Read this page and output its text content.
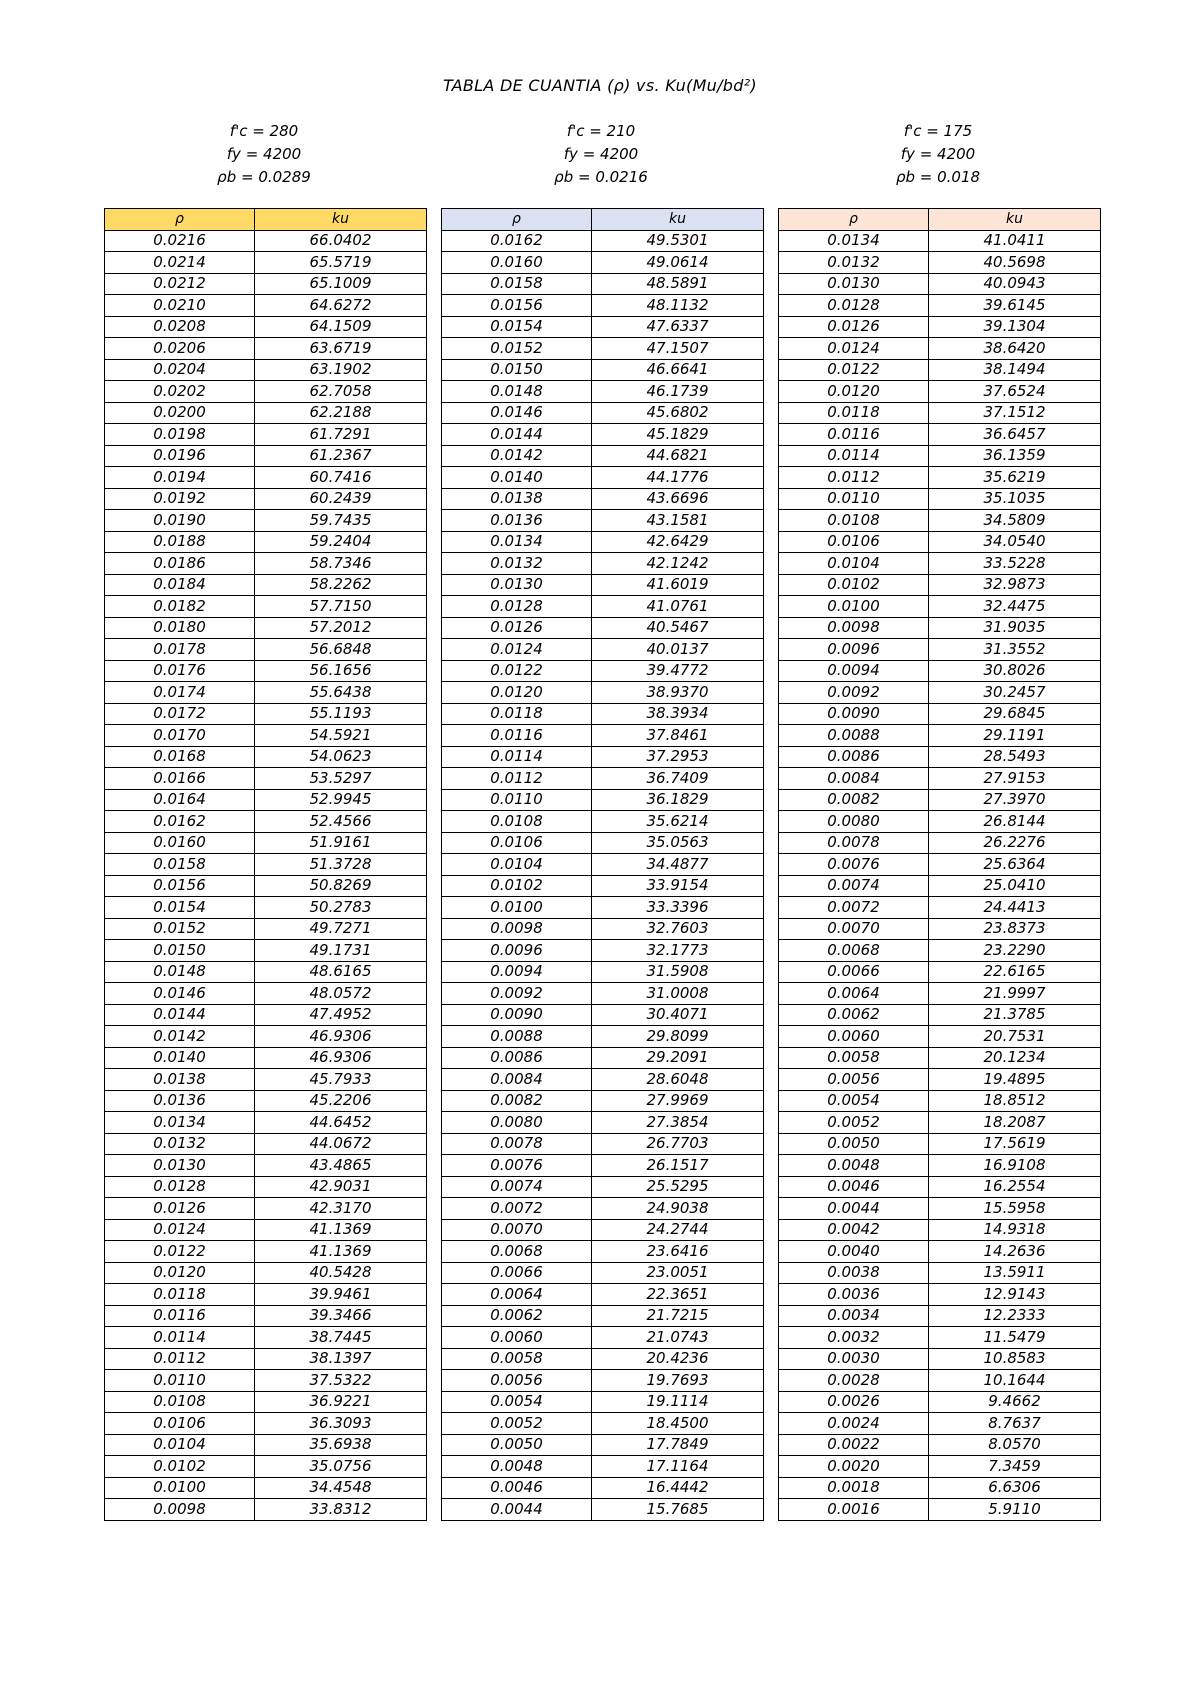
TABLA DE CUANTIA (ρ) vs. Ku(Mu/bd²)
f'c = 280
fy = 4200
ρb = 0.0289
f'c = 210
fy = 4200
ρb = 0.0216
f'c = 175
fy = 4200
ρb = 0.018
ρ	ku
0.0216	66.0402
0.0214	65.5719
0.0212	65.1009
0.0210	64.6272
0.0208	64.1509
0.0206	63.6719
0.0204	63.1902
0.0202	62.7058
0.0200	62.2188
0.0198	61.7291
0.0196	61.2367
0.0194	60.7416
0.0192	60.2439
0.0190	59.7435
0.0188	59.2404
0.0186	58.7346
0.0184	58.2262
0.0182	57.7150
0.0180	57.2012
0.0178	56.6848
0.0176	56.1656
0.0174	55.6438
0.0172	55.1193
0.0170	54.5921
0.0168	54.0623
0.0166	53.5297
0.0164	52.9945
0.0162	52.4566
0.0160	51.9161
0.0158	51.3728
0.0156	50.8269
0.0154	50.2783
0.0152	49.7271
0.0150	49.1731
0.0148	48.6165
0.0146	48.0572
0.0144	47.4952
0.0142	46.9306
0.0140	46.9306
0.0138	45.7933
0.0136	45.2206
0.0134	44.6452
0.0132	44.0672
0.0130	43.4865
0.0128	42.9031
0.0126	42.3170
0.0124	41.1369
0.0122	41.1369
0.0120	40.5428
0.0118	39.9461
0.0116	39.3466
0.0114	38.7445
0.0112	38.1397
0.0110	37.5322
0.0108	36.9221
0.0106	36.3093
0.0104	35.6938
0.0102	35.0756
0.0100	34.4548
0.0098	33.8312
ρ	ku
0.0162	49.5301
0.0160	49.0614
0.0158	48.5891
0.0156	48.1132
0.0154	47.6337
0.0152	47.1507
0.0150	46.6641
0.0148	46.1739
0.0146	45.6802
0.0144	45.1829
0.0142	44.6821
0.0140	44.1776
0.0138	43.6696
0.0136	43.1581
0.0134	42.6429
0.0132	42.1242
0.0130	41.6019
0.0128	41.0761
0.0126	40.5467
0.0124	40.0137
0.0122	39.4772
0.0120	38.9370
0.0118	38.3934
0.0116	37.8461
0.0114	37.2953
0.0112	36.7409
0.0110	36.1829
0.0108	35.6214
0.0106	35.0563
0.0104	34.4877
0.0102	33.9154
0.0100	33.3396
0.0098	32.7603
0.0096	32.1773
0.0094	31.5908
0.0092	31.0008
0.0090	30.4071
0.0088	29.8099
0.0086	29.2091
0.0084	28.6048
0.0082	27.9969
0.0080	27.3854
0.0078	26.7703
0.0076	26.1517
0.0074	25.5295
0.0072	24.9038
0.0070	24.2744
0.0068	23.6416
0.0066	23.0051
0.0064	22.3651
0.0062	21.7215
0.0060	21.0743
0.0058	20.4236
0.0056	19.7693
0.0054	19.1114
0.0052	18.4500
0.0050	17.7849
0.0048	17.1164
0.0046	16.4442
0.0044	15.7685
ρ	ku
0.0134	41.0411
0.0132	40.5698
0.0130	40.0943
0.0128	39.6145
0.0126	39.1304
0.0124	38.6420
0.0122	38.1494
0.0120	37.6524
0.0118	37.1512
0.0116	36.6457
0.0114	36.1359
0.0112	35.6219
0.0110	35.1035
0.0108	34.5809
0.0106	34.0540
0.0104	33.5228
0.0102	32.9873
0.0100	32.4475
0.0098	31.9035
0.0096	31.3552
0.0094	30.8026
0.0092	30.2457
0.0090	29.6845
0.0088	29.1191
0.0086	28.5493
0.0084	27.9153
0.0082	27.3970
0.0080	26.8144
0.0078	26.2276
0.0076	25.6364
0.0074	25.0410
0.0072	24.4413
0.0070	23.8373
0.0068	23.2290
0.0066	22.6165
0.0064	21.9997
0.0062	21.3785
0.0060	20.7531
0.0058	20.1234
0.0056	19.4895
0.0054	18.8512
0.0052	18.2087
0.0050	17.5619
0.0048	16.9108
0.0046	16.2554
0.0044	15.5958
0.0042	14.9318
0.0040	14.2636
0.0038	13.5911
0.0036	12.9143
0.0034	12.2333
0.0032	11.5479
0.0030	10.8583
0.0028	10.1644
0.0026	9.4662
0.0024	8.7637
0.0022	8.0570
0.0020	7.3459
0.0018	6.6306
0.0016	5.9110
